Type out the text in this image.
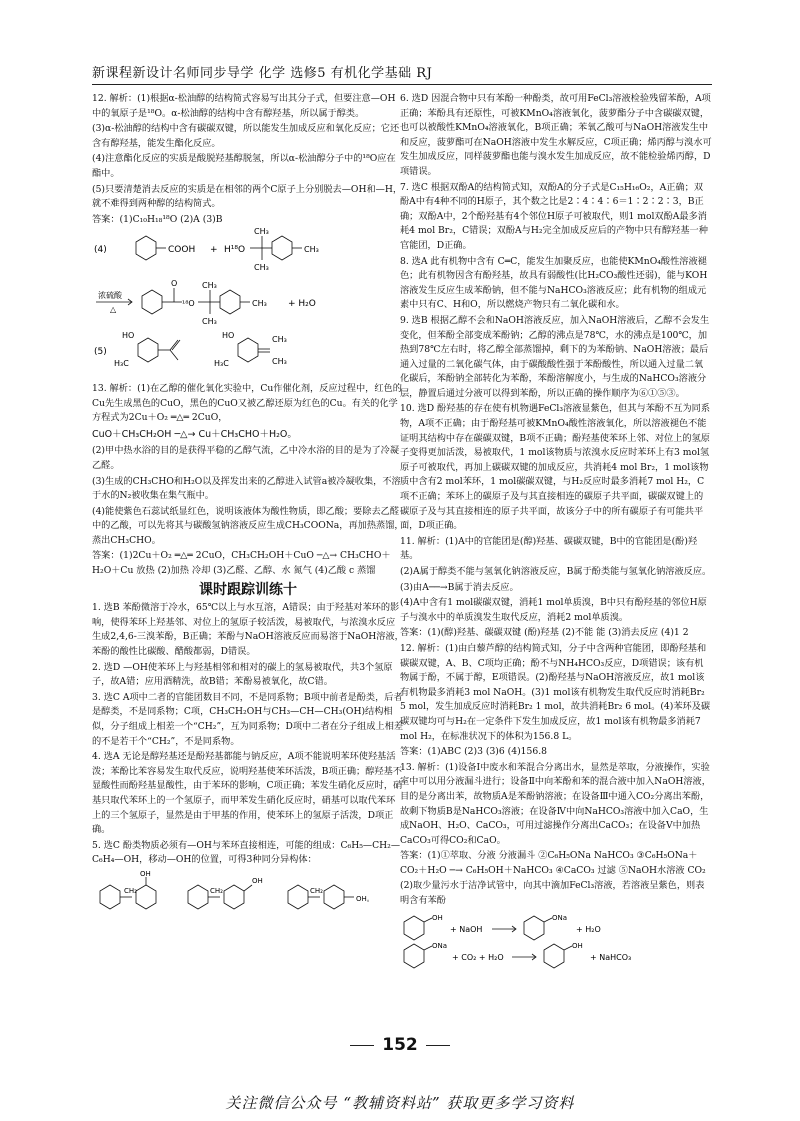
新课程新设计名师同步导学 化学 选修5 有机化学基础 RJ
12. 解析：(1)根据α-松油醇的结构简式容易写出其分子式，但要注意—OH中的氧原子是¹⁸O。α-松油醇的结构中含有醇羟基，所以属于醇类。
(3)α-松油醇的结构中含有碳碳双键，所以能发生加成反应和氧化反应；它还含有醇羟基，能发生酯化反应。
(4)注意酯化反应的实质是酸脱羟基醇脱氢，所以α-松油醇分子中的¹⁸O应在酯中。
(5)只要清楚消去反应的实质是在相邻的两个C原子上分别脱去—OH和—H，就不难得到两种醇的结构简式。
答案：(1)C₁₀H₁₈¹⁸O (2)A (3)B
(4)	COOH + H¹⁸O
CH₃
CH₃
CH₃
浓硫酸
△
O
¹⁸O
CH₃
CH₃
CH₃ + H₂O
(5)
HO
H₃C
HO
H₃C
CH₃
CH₃
13. 解析：(1)在乙醇的催化氧化实验中，Cu作催化剂，反应过程中，红色的Cu先生成黑色的CuO，黑色的CuO又被乙醇还原为红色的Cu。有关的化学方程式为2Cu＋O₂ ═△═ 2CuO，
CuO＋CH₃CH₂OH ─△→ Cu＋CH₃CHO＋H₂O。
(2)甲中热水浴的目的是获得平稳的乙醇气流，乙中冷水浴的目的是为了冷凝乙醛。
(3)生成的CH₃CHO和H₂O以及挥发出来的乙醇进入试管a被冷凝收集，不溶于水的N₂被收集在集气瓶中。
(4)能使紫色石蕊试纸显红色，说明该液体为酸性物质，即乙酸；要除去乙醛中的乙酸，可以先将其与碳酸氢钠溶液反应生成CH₃COONa，再加热蒸馏，蒸出CH₃CHO。
答案：(1)2Cu＋O₂ ═△═ 2CuO，CH₃CH₂OH＋CuO ─△→ CH₃CHO＋H₂O＋Cu 放热 (2)加热 冷却 (3)乙醛、乙醇、水 氮气 (4)乙酸 c 蒸馏
课时跟踪训练十
1. 选B 苯酚微溶于冷水，65℃以上与水互溶，A错误；由于羟基对苯环的影响，使得苯环上羟基邻、对位上的氢原子较活泼，易被取代，与浓溴水反应生成2,4,6-三溴苯酚，B正确；苯酚与NaOH溶液反应而易溶于NaOH溶液，苯酚的酸性比碳酸、醋酸都弱，D错误。
2. 选D —OH使苯环上与羟基相邻和相对的碳上的氢易被取代，共3个氢原子，故A错；应用酒精洗，故B错；苯酚易被氧化，故C错。
3. 选C A项中二者的官能团数目不同，不是同系物；B项中前者是酚类，后者是醇类，不是同系物；C项，CH₃CH₂OH与CH₃—CH—CH₃(OH)结构相似，分子组成上相差一个“CH₂”，互为同系物；D项中二者在分子组成上相差的不是若干个“CH₂”，不是同系物。
4. 选A 无论是醇羟基还是酚羟基都能与钠反应，A项不能说明苯环使羟基活泼；苯酚比苯容易发生取代反应，说明羟基使苯环活泼，B项正确；醇羟基不显酸性而酚羟基显酸性，由于苯环的影响，C项正确；苯发生硝化反应时，硝基只取代苯环上的一个氢原子，而甲苯发生硝化反应时，硝基可以取代苯环上的三个氢原子，显然是由于甲基的作用，使苯环上的氢原子活泼，D项正确。
5. 选C 酚类物质必须有—OH与苯环直接相连，可能的组成：C₆H₅—CH₂—C₆H₄—OH，移动—OH的位置，可得3种同分异构体：
CH₂
OH
CH₂
OH
CH₂
OH。
6. 选D 因混合物中只有苯酚一种酚类，故可用FeCl₃溶液检验残留苯酚，A项正确；苯酚具有还原性，可被KMnO₄溶液氧化，菠萝酯分子中含碳碳双键，也可以被酸性KMnO₄溶液氧化，B项正确；苯氧乙酸可与NaOH溶液发生中和反应，菠萝酯可在NaOH溶液中发生水解反应，C项正确；烯丙醇与溴水可发生加成反应，同样菠萝酯也能与溴水发生加成反应，故不能检验烯丙醇，D项错误。
7. 选C 根据双酚A的结构简式知，双酚A的分子式是C₁₅H₁₆O₂，A正确；双酚A中有4种不同的H原子，其个数之比是2∶4∶4∶6＝1∶2∶2∶3，B正确；双酚A中，2个酚羟基有4个邻位H原子可被取代，则1 mol双酚A最多消耗4 mol Br₂，C错误；双酚A与H₂完全加成反应后的产物中只有醇羟基一种官能团，D正确。
8. 选A 此有机物中含有 C═C，能发生加聚反应，也能使KMnO₄酸性溶液褪色；此有机物因含有酚羟基，故具有弱酸性(比H₂CO₃酸性还弱)，能与KOH溶液发生反应生成苯酚钠，但不能与NaHCO₃溶液反应；此有机物的组成元素中只有C、H和O，所以燃烧产物只有二氧化碳和水。
9. 选B 根据乙醇不会和NaOH溶液反应，加入NaOH溶液后，乙醇不会发生变化，但苯酚全部变成苯酚钠；乙醇的沸点是78℃，水的沸点是100℃，加热到78℃左右时，将乙醇全部蒸馏掉，剩下的为苯酚钠、NaOH溶液；最后通入过量的二氧化碳气体，由于碳酸酸性强于苯酚酸性，所以通入过量二氧化碳后，苯酚钠全部转化为苯酚，苯酚溶解度小，与生成的NaHCO₃溶液分层，静置后通过分液可以得到苯酚，所以正确的操作顺序为⑥①⑤③。
10. 选D 酚羟基的存在使有机物遇FeCl₃溶液显紫色，但其与苯酚不互为同系物，A项不正确；由于酚羟基可被KMnO₄酸性溶液氧化，所以溶液褪色不能证明其结构中存在碳碳双键，B项不正确；酚羟基使苯环上邻、对位上的氢原子变得更加活泼，易被取代，1 mol该物质与浓溴水反应时苯环上有3 mol氢原子可被取代，再加上碳碳双键的加成反应，共消耗4 mol Br₂，1 mol该物质中含有2 mol苯环，1 mol碳碳双键，与H₂反应时最多消耗7 mol H₂，C项不正确；苯环上的碳原子及与其直接相连的碳原子共平面，碳碳双键上的碳原子及与其直接相连的原子共平面，故该分子中的所有碳原子有可能共平面，D项正确。
11. 解析：(1)A中的官能团是(醇)羟基、碳碳双键，B中的官能团是(酚)羟基。
(2)A属于醇类不能与氢氧化钠溶液反应，B属于酚类能与氢氧化钠溶液反应。
(3)由A──→B属于消去反应。
(4)A中含有1 mol碳碳双键，消耗1 mol单质溴，B中只有酚羟基的邻位H原子与溴水中的单质溴发生取代反应，消耗2 mol单质溴。
答案：(1)(醇)羟基、碳碳双键 (酚)羟基 (2)不能 能 (3)消去反应 (4)1 2
12. 解析：(1)由白藜芦醇的结构简式知，分子中含两种官能团，即酚羟基和碳碳双键，A、B、C项均正确；酚不与NH₄HCO₃反应，D项错误；该有机物属于酚，不属于醇，E项错误。(2)酚羟基与NaOH溶液反应，故1 mol该有机物最多消耗3 mol NaOH。(3)1 mol该有机物发生取代反应时消耗Br₂ 5 mol，发生加成反应时消耗Br₂ 1 mol，故共消耗Br₂ 6 mol。(4)苯环及碳碳双键均可与H₂在一定条件下发生加成反应，故1 mol该有机物最多消耗7 mol H₂，在标准状况下的体积为156.8 L。
答案：(1)ABC (2)3 (3)6 (4)156.8
13. 解析：(1)设备Ⅰ中废水和苯混合分离出水，显然是萃取，分液操作，实验室中可以用分液漏斗进行；设备Ⅱ中向苯酚和苯的混合液中加入NaOH溶液，目的是分离出苯，故物质A是苯酚钠溶液；在设备Ⅲ中通入CO₂分离出苯酚，故剩下物质B是NaHCO₃溶液；在设备Ⅳ中向NaHCO₃溶液中加入CaO，生成NaOH、H₂O、CaCO₃，可用过滤操作分离出CaCO₃；在设备Ⅴ中加热CaCO₃可得CO₂和CaO。
答案：(1)①萃取、分液 分液漏斗 ②C₆H₅ONa NaHCO₃ ③C₆H₅ONa＋CO₂＋H₂O ─→ C₆H₅OH＋NaHCO₃ ④CaCO₃ 过滤 ⑤NaOH水溶液 CO₂
(2)取少量污水于洁净试管中，向其中滴加FeCl₃溶液，若溶液呈紫色，则表明含有苯酚
OH
+ NaOH
ONa
+ H₂O
ONa
+ CO₂ + H₂O
OH
+ NaHCO₃
152
关注微信公众号 “教辅资料站” 获取更多学习资料
